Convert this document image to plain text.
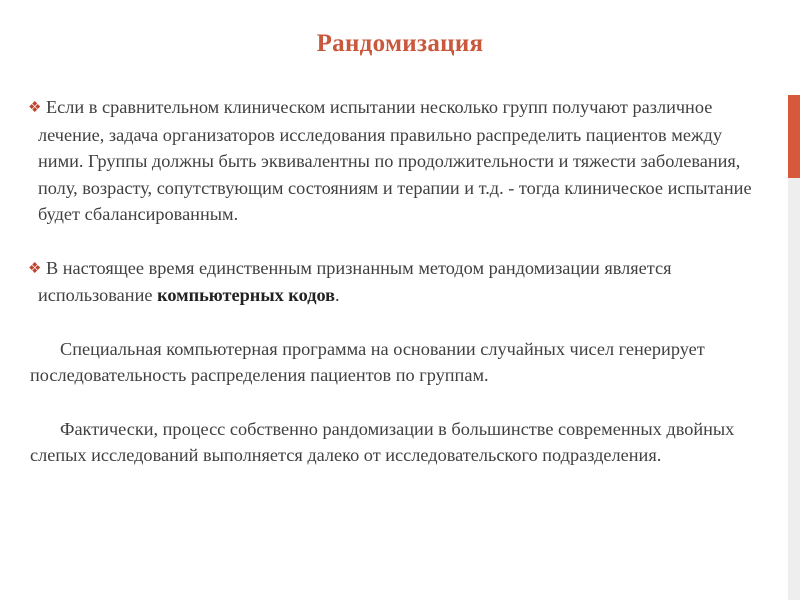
Рандомизация

❖ Если в сравнительном клиническом испытании несколько групп получают различное лечение, задача организаторов исследования правильно распределить пациентов между ними. Группы должны быть эквивалентны по продолжительности и тяжести заболевания, полу, возрасту, сопутствующим состояниям и терапии и т.д. - тогда клиническое испытание будет сбалансированным.

❖ В настоящее время единственным признанным методом рандомизации является использование компьютерных кодов.

Специальная компьютерная программа на основании случайных чисел генерирует последовательность распределения пациентов по группам.

Фактически, процесс собственно рандомизации в большинстве современных двойных слепых исследований выполняется далеко от исследовательского подразделения.
